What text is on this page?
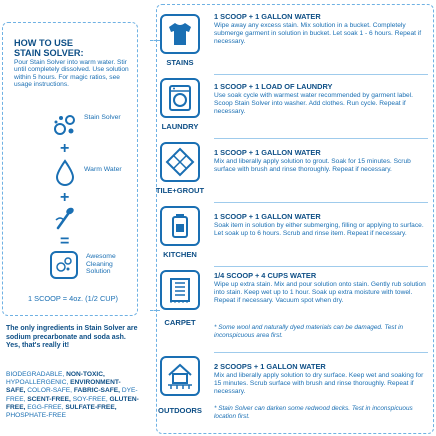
HOW TO USE
STAIN SOLVER:
Pour Stain Solver into warm water. Stir until completely dissolved. Use solution within 5 hours. For magic ratios, see usage instructions.
Stain Solver
+
Warm Water
+
=
Awesome Cleaning Solution
1 SCOOP = 4oz. (1/2 CUP)
The only ingredients in Stain Solver are sodium precarbonate and soda ash. Yes, that's really it!
BIODEGRADABLE, NON-TOXIC, HYPOALLERGENIC, ENVIRONMENT-SAFE, COLOR-SAFE, FABRIC-SAFE, DYE-FREE, SCENT-FREE, SOY-FREE, GLUTEN-FREE, EGG-FREE, SULFATE-FREE, PHOSPHATE-FREE
STAINS
1 SCOOP + 1 GALLON WATER
Wipe away any excess stain. Mix solution in a bucket. Completely submerge garment in solution in bucket. Let soak 1 - 6 hours. Repeat if necessary.
LAUNDRY
1 SCOOP + 1 LOAD OF LAUNDRY
Use soak cycle with warmest water recommended by garment label. Scoop Stain Solver into washer. Add clothes. Run cycle. Repeat if necessary.
TILE+GROUT
1 SCOOP + 1 GALLON WATER
Mix and liberally apply solution to grout. Soak for 15 minutes. Scrub surface with brush and rinse thoroughly. Repeat if necessary.
KITCHEN
1 SCOOP + 1 GALLON WATER
Soak item in solution by either submerging, filling or applying to surface. Let soak up to 6 hours. Scrub and rinse item. Repeat if necessary.
CARPET
1/4 SCOOP + 4 CUPS WATER
Wipe up extra stain. Mix and pour solution onto stain. Gently rub solution into stain. Keep wet up to 1 hour. Soak up extra moisture with towel. Repeat if necessary. Vacuum spot when dry.
* Some wool and naturally dyed materials can be damaged. Test in inconspicuous area first.
OUTDOORS
2 SCOOPS + 1 GALLON WATER
Mix and liberally apply solution to dry surface. Keep wet and soaking for 15 minutes. Scrub surface with brush and rinse thoroughly. Repeat if necessary.
* Stain Solver can darken some redwood decks. Test in inconspicuous location first.
